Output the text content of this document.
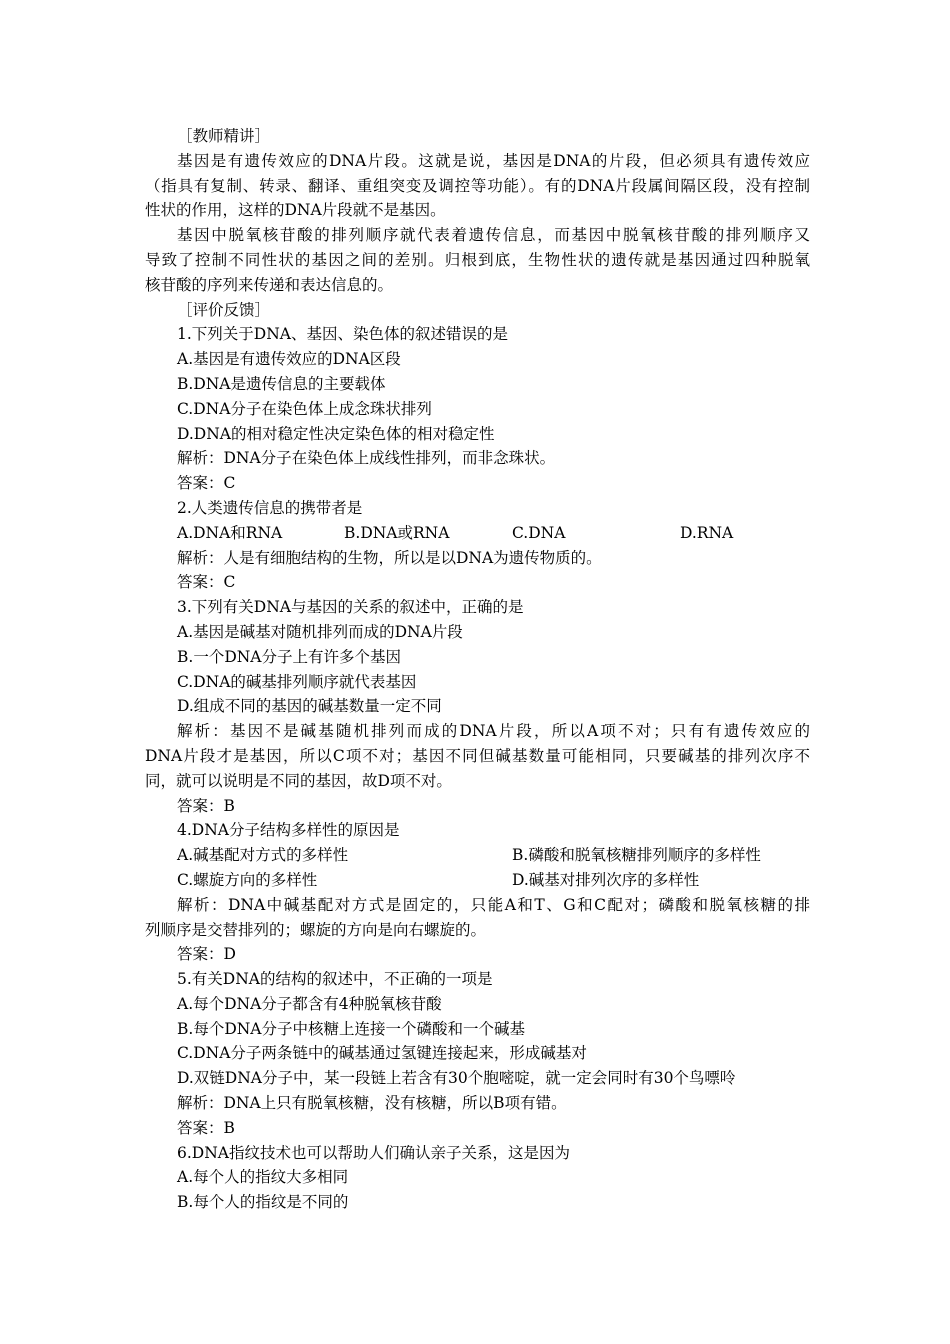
［教师精讲］
基因是有遗传效应的DNA片段。这就是说，基因是DNA的片段，但必须具有遗传效应
（指具有复制、转录、翻译、重组突变及调控等功能）。有的DNA片段属间隔区段，没有控制
性状的作用，这样的DNA片段就不是基因。
基因中脱氧核苷酸的排列顺序就代表着遗传信息，而基因中脱氧核苷酸的排列顺序又
导致了控制不同性状的基因之间的差别。归根到底，生物性状的遗传就是基因通过四种脱氧
核苷酸的序列来传递和表达信息的。
［评价反馈］
1.下列关于DNA、基因、染色体的叙述错误的是
A.基因是有遗传效应的DNA区段
B.DNA是遗传信息的主要载体
C.DNA分子在染色体上成念珠状排列
D.DNA的相对稳定性决定染色体的相对稳定性
解析：DNA分子在染色体上成线性排列，而非念珠状。
答案：C
2.人类遗传信息的携带者是
A.DNA和RNA	B.DNA或RNA	C.DNA	D.RNA
解析：人是有细胞结构的生物，所以是以DNA为遗传物质的。
答案：C
3.下列有关DNA与基因的关系的叙述中，正确的是
A.基因是碱基对随机排列而成的DNA片段
B.一个DNA分子上有许多个基因
C.DNA的碱基排列顺序就代表基因
D.组成不同的基因的碱基数量一定不同
解析：基因不是碱基随机排列而成的DNA片段，所以A项不对；只有有遗传效应的
DNA片段才是基因，所以C项不对；基因不同但碱基数量可能相同，只要碱基的排列次序不
同，就可以说明是不同的基因，故D项不对。
答案：B
4.DNA分子结构多样性的原因是
A.碱基配对方式的多样性	B.磷酸和脱氧核糖排列顺序的多样性
C.螺旋方向的多样性	D.碱基对排列次序的多样性
解析：DNA中碱基配对方式是固定的，只能A和T、G和C配对；磷酸和脱氧核糖的排
列顺序是交替排列的；螺旋的方向是向右螺旋的。
答案：D
5.有关DNA的结构的叙述中，不正确的一项是
A.每个DNA分子都含有4种脱氧核苷酸
B.每个DNA分子中核糖上连接一个磷酸和一个碱基
C.DNA分子两条链中的碱基通过氢键连接起来，形成碱基对
D.双链DNA分子中，某一段链上若含有30个胞嘧啶，就一定会同时有30个鸟嘌呤
解析：DNA上只有脱氧核糖，没有核糖，所以B项有错。
答案：B
6.DNA指纹技术也可以帮助人们确认亲子关系，这是因为
A.每个人的指纹大多相同
B.每个人的指纹是不同的
